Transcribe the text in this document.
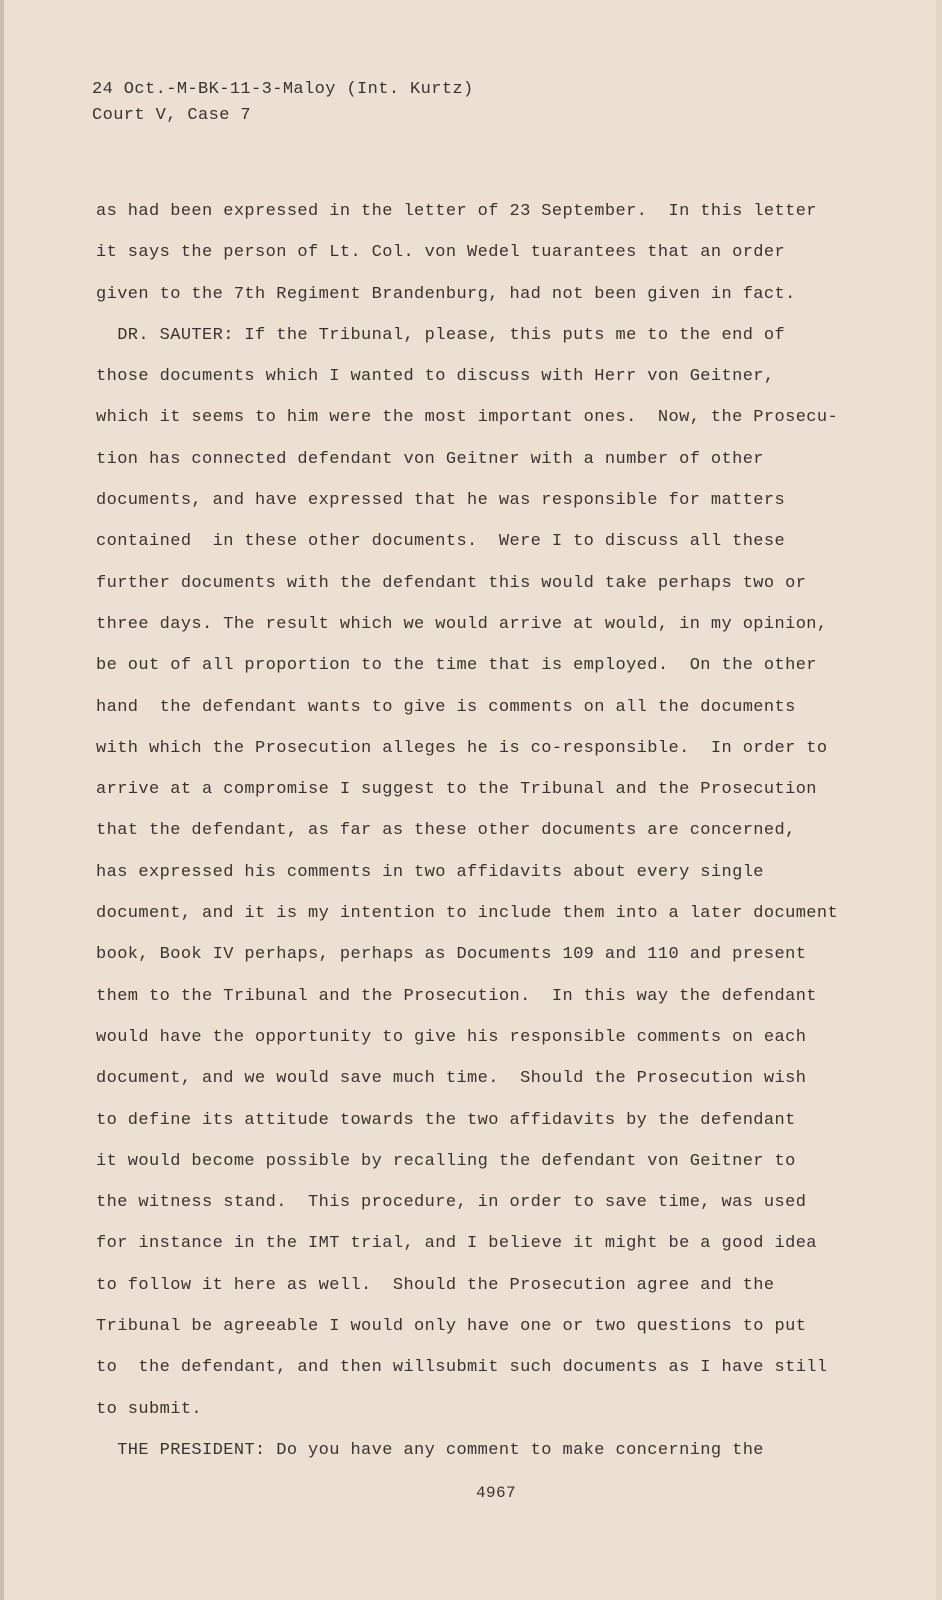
24 Oct.-M-BK-11-3-Maloy (Int. Kurtz)
Court V, Case 7
as had been expressed in the letter of 23 September.  In this letter
it says the person of Lt. Col. von Wedel tuarantees that an order
given to the 7th Regiment Brandenburg, had not been given in fact.
DR. SAUTER: If the Tribunal, please, this puts me to the end of
those documents which I wanted to discuss with Herr von Geitner,
which it seems to him were the most important ones.  Now, the Prosecu-
tion has connected defendant von Geitner with a number of other
documents, and have expressed that he was responsible for matters
contained  in these other documents.  Were I to discuss all these
further documents with the defendant this would take perhaps two or
three days. The result which we would arrive at would, in my opinion,
be out of all proportion to the time that is employed.  On the other
hand  the defendant wants to give is comments on all the documents
with which the Prosecution alleges he is co-responsible.  In order to
arrive at a compromise I suggest to the Tribunal and the Prosecution
that the defendant, as far as these other documents are concerned,
has expressed his comments in two affidavits about every single
document, and it is my intention to include them into a later document
book, Book IV perhaps, perhaps as Documents 109 and 110 and present
them to the Tribunal and the Prosecution.  In this way the defendant
would have the opportunity to give his responsible comments on each
document, and we would save much time.  Should the Prosecution wish
to define its attitude towards the two affidavits by the defendant
it would become possible by recalling the defendant von Geitner to
the witness stand.  This procedure, in order to save time, was used
for instance in the IMT trial, and I believe it might be a good idea
to follow it here as well.  Should the Prosecution agree and the
Tribunal be agreeable I would only have one or two questions to put
to  the defendant, and then willsubmit such documents as I have still
to submit.
THE PRESIDENT: Do you have any comment to make concerning the
4967
